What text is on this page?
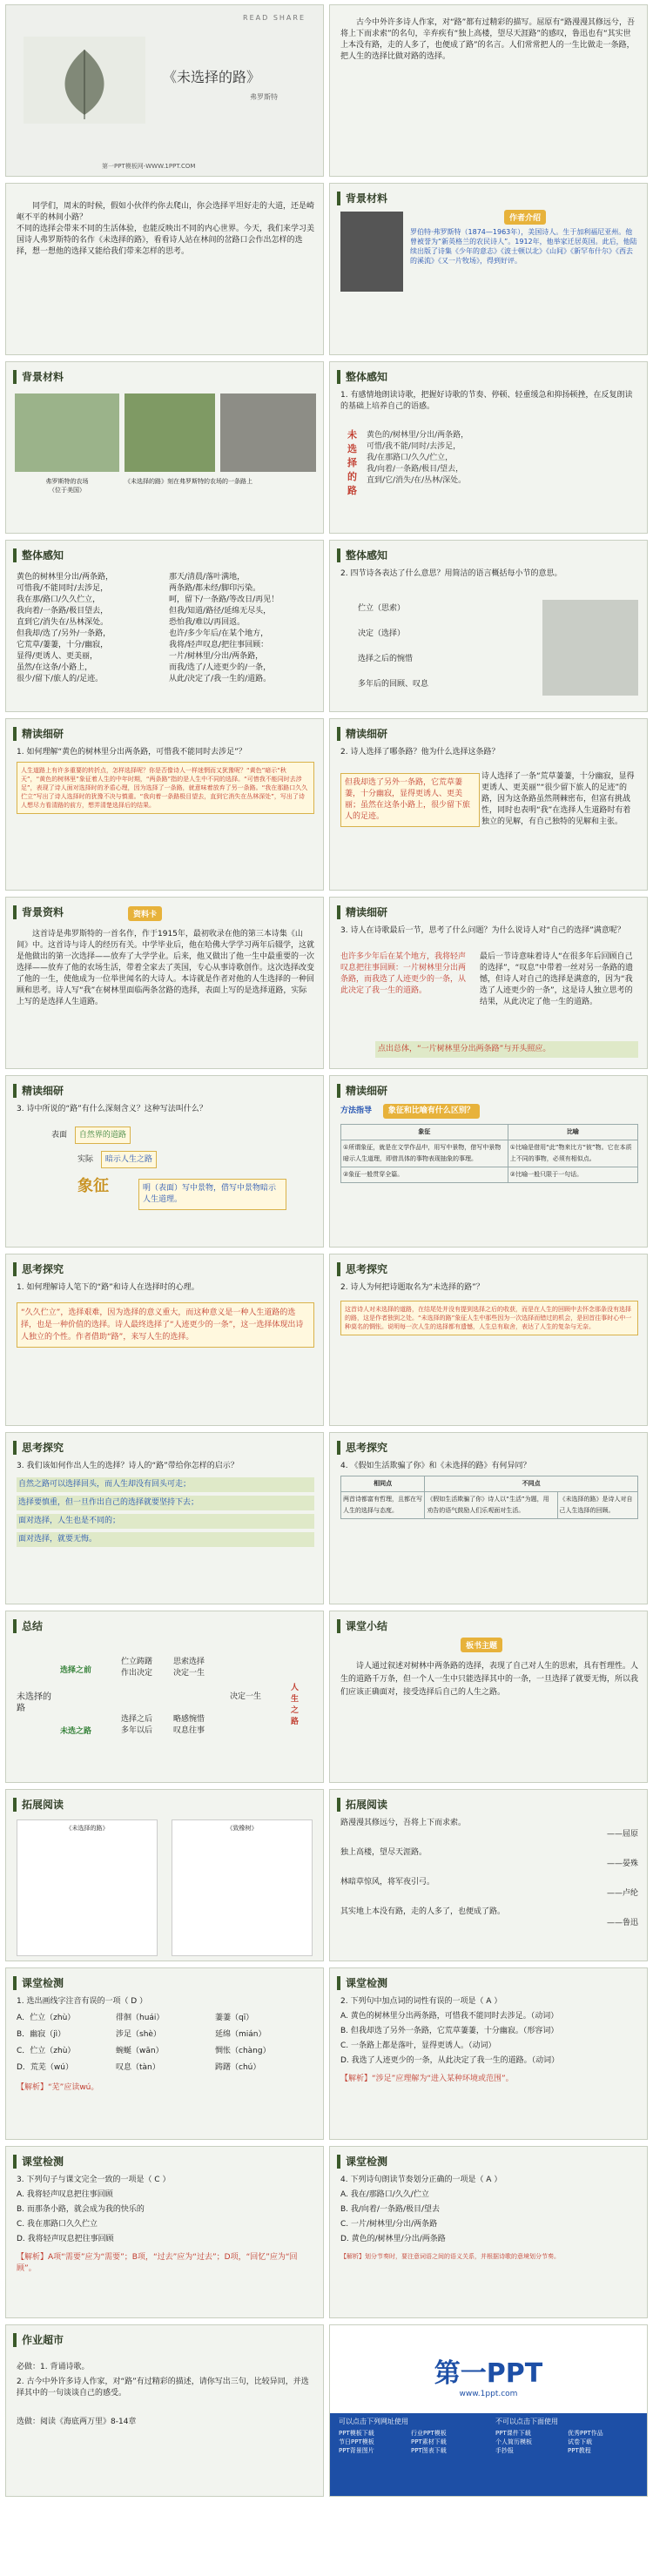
READ SHARE
《未选择的路》
弗罗斯特
第一PPT模板网-WWW.1PPT.COM
古今中外许多诗人作家，对“路”都有过精彩的描写。屈原有“路漫漫其修远兮，吾将上下而求索”的名句，辛弃疾有“独上高楼，望尽天涯路”的感叹，鲁迅也有“其实世上本没有路，走的人多了，也便成了路”的名言。人们常常把人的一生比做走一条路，把人生的选择比做对路的选择。
同学们，周末的时候，假如小伙伴约你去爬山，你会选择平坦好走的大道，还是崎岖不平的林间小路？
不同的选择会带来不同的生活体验，也能反映出不同的内心世界。今天，我们来学习美国诗人弗罗斯特的名作《未选择的路》，看看诗人站在林间的岔路口会作出怎样的选择，想一想他的选择又能给我们带来怎样的思考。
背景材料
作者介绍
罗伯特·弗罗斯特（1874—1963年），美国诗人。生于加利福尼亚州。他曾被誉为“新英格兰的农民诗人”。1912年，他举家迁居英国。此后，他陆续出版了诗集《少年的意志》《波士顿以北》《山间》《新罕布什尔》《西去的溪流》《又一片牧场》，得到好评。
背景材料
弗罗斯特的农场
（位于美国）
《未选择的路》刻在弗罗斯特的农场的一条路上
整体感知
1. 有感情地朗读诗歌，把握好诗歌的节奏、停顿、轻重缓急和抑扬顿挫，在反复朗读的基础上培养自己的语感。
未选择的路
黄色的/树林里/分出/两条路，
可惜/我不能/同时/去涉足，
我/在那路口/久久/伫立，
我/向着/一条路/极目/望去，
直到/它/消失/在/丛林/深处。
整体感知
黄色的树林里分出/两条路，
可惜我/不能同时/去涉足，
我在那/路口/久久伫立，
我向着/一条路/极目望去，
直到它/消失在/丛林深处。
但我却/选了/另外/一条路，
它荒草/萋萋，十分/幽寂，
显得/更诱人、更美丽，
虽然/在这条/小路上，
很少/留下/旅人的/足迹。
那天/清晨/落叶满地，
两条路/都未经/脚印污染。
呵，留下/一条路/等改日/再见！
但我/知道/路径/延绵无尽头，
恐怕我/难以/再回返。
也许/多少年后/在某个地方，
我将/轻声叹息/把往事回顾：
一片/树林里/分出/两条路，
而我/选了/人迹更少的/一条，
从此/决定了/我一生的/道路。
整体感知
2. 四节诗各表达了什么意思？用简洁的语言概括每小节的意思。
伫立（思索）
决定（选择）
选择之后的惋惜
多年后的回顾、叹息
精读细研
1. 如何理解“黄色的树林里分出两条路，可惜我不能同时去涉足”？
人生道路上有许多重要的转折点，怎样选择呢？你是否像诗人一样迷惘而又犹豫呢？“黄色”暗示“秋天”，“黄色的树林里”象征着人生的中年时期，“两条路”指的是人生中不同的选择。“可惜我不能同时去涉足”，表现了诗人面对选择时的矛盾心理，因为选择了一条路，就意味着放弃了另一条路。“我在那路口久久伫立”写出了诗人选择时的犹豫不决与慎重。“我向着一条路极目望去，直到它消失在丛林深处”，写出了诗人想尽力看清路的前方，想弄清楚选择后的结果。
精读细研
2. 诗人选择了哪条路？他为什么选择这条路？
但我却选了另外一条路，它荒草萋萋，十分幽寂，显得更诱人、更美丽；虽然在这条小路上，很少留下旅人的足迹。
诗人选择了一条“荒草萋萋，十分幽寂，显得更诱人、更美丽”“很少留下旅人的足迹”的路，因为这条路虽然荆棘密布，但富有挑战性，同时也表明“我”在选择人生道路时有着独立的见解，有自己独特的见解和主张。
背景资料	资料卡
这首诗是弗罗斯特的一首名作，作于1915年，最初收录在他的第三本诗集《山间》中。这首诗与诗人的经历有关。中学毕业后，他在哈佛大学学习两年后辍学，这就是他做出的第一次选择——放弃了大学学业。后来，他又做出了他一生中最重要的一次选择——放弃了他的农场生活，带着全家去了英国，专心从事诗歌创作。这次选择改变了他的一生，使他成为一位举世闻名的大诗人。本诗就是作者对他的人生选择的一种回顾和思考。诗人写“我”在树林里面临两条岔路的选择，表面上写的是选择道路，实际上写的是选择人生道路。
精读细研
3. 诗人在诗歌最后一节，思考了什么问题？为什么说诗人对“自己的选择”满意呢？
也许多少年后在某个地方，我将轻声叹息把往事回顾：一片树林里分出两条路，而我选了人迹更少的一条，从此决定了我一生的道路。
最后一节诗意味着诗人“在很多年后回顾自己的选择”，“叹息”中带着一丝对另一条路的遗憾，但诗人对自己的选择是满意的，因为“我选了人迹更少的一条”，这是诗人独立思考的结果，从此决定了他一生的道路。
点出总体，“一片树林里分出两条路”与开头照应。
精读细研
3. 诗中所说的“路”有什么深刻含义？这种写法叫什么？
表面 自然界的道路
实际 暗示人生之路
象征	明（表面）写中景物，借写中景物暗示人生道理。
精读细研
方法指导 象征和比喻有什么区别？
象征	比喻
①所谓象征，就是在文学作品中，用写中景物，借写中景物暗示人生道理，即借具体的事物表现抽象的事理。	①比喻是借用“此”物来比方“彼”物。它在本质上不同的事物，必须有相似点。
②象征一般贯穿全篇。	②比喻一般只限于一句话。
思考探究
1. 如何理解诗人笔下的“路”和诗人在选择时的心理。
“久久伫立”，选择艰难，因为选择的意义重大，而这种意义是一种人生道路的选择，也是一种价值的选择。诗人最终选择了“人迹更少的一条”，这一选择体现出诗人独立的个性。作者借助“路”，来写人生的选择。
思考探究
2. 诗人为何把诗题取名为“未选择的路”？
这首诗人对未选择的道路，在结尾处并没有提到选择之后的收获，而是在人生的回顾中去怀念那条没有选择的路，这是作者独到之处。“未选择的路”象征人生中那些因为一次选择而错过的机会，是回首往事时心中一种莫名的惆怅。说明每一次人生的选择都有遗憾，人生总有取舍，表达了人生的复杂与无奈。
思考探究
3. 我们该如何作出人生的选择？诗人的“路”带给你怎样的启示？
自然之路可以选择回头，而人生却没有回头可走；
选择要慎重，但一旦作出自己的选择就要坚持下去；
面对选择，人生也是不同的；
面对选择，就要无悔。
思考探究
4. 《假如生活欺骗了你》和《未选择的路》有何异同？
相同点	不同点	
两首诗都富有哲理，且都在写人生的选择与态度。	《假如生活欺骗了你》诗人以“生活”为题，用劝告的语气鼓励人们乐观面对生活。	《未选择的路》是诗人对自己人生选择的回顾。
总结
未选择的路
选择之前
未选之路
伫立踌躇
作出决定
选择之后
多年以后
思索选择
决定一生
略感惋惜
叹息往事
决定一生
人生之路
课堂小结
板书主题
诗人通过叙述对树林中两条路的选择，表现了自己对人生的思索，具有哲理性。人生的道路千万条，但一个人一生中只能选择其中的一条，一旦选择了就要无悔，所以我们应该正确面对，接受选择后自己的人生之路。
拓展阅读
《未选择的路》	《致橡树》
拓展阅读
路漫漫其修远兮，吾将上下而求索。
——屈原
独上高楼，望尽天涯路。
——晏殊
林暗草惊风，将军夜引弓。
——卢纶
其实地上本没有路，走的人多了，也便成了路。
——鲁迅
课堂检测
1. 选出画线字注音有误的一项（ D ）
A．伫立（zhù）	徘徊（huái）	萋萋（qī）
B．幽寂（jì）	涉足（shè）	延绵（mián）
C．伫立（zhù）	蜿蜒（wān）	惆怅（chàng）
D．荒芜（wú）	叹息（tàn）	踌躇（chú）
【解析】“芜”应读wú。
课堂检测
2. 下列句中加点词的词性有误的一项是（ A ）
A. 黄色的树林里分出两条路，可惜我不能同时去涉足。（动词）
B. 但我却选了另外一条路，它荒草萋萋，十分幽寂。（形容词）
C. 一条路上都是落叶，显得更诱人。（动词）
D. 我选了人迹更少的一条，从此决定了我一生的道路。（动词）
【解析】“涉足”应理解为“进入某种环境或范围”。
课堂检测
3. 下列句子与课文完全一致的一项是（ C ）
A. 我将轻声叹息把往事回顾
B. 而那条小路，就会成为我的快乐的
C. 我在那路口久久伫立
D. 我将轻声叹息把往事回顾
【解析】A项“需要”应为“需要”；B项，“过去”应为“过去”；D项，“回忆”应为“回顾”。
课堂检测
4. 下列诗句朗读节奏划分正确的一项是（ A ）
A. 我在/那路口/久久/伫立
B. 我/向着/一条路/极目/望去
C. 一片/树林里/分出/两条路
D. 黄色的/树林里/分出/两条路
【解析】划分节奏时，要注意词语之间的语义关系，并根据诗歌的意境划分节奏。
作业超市
必做：1. 背诵诗歌。
2. 古今中外许多诗人作家，对“路”有过精彩的描述，请你写出三句，比较异同，并选择其中的一句谈谈自己的感受。
选做：阅读《海底两万里》8-14章
第一PPT
www.1ppt.com
可以点击下列网址使用	不可以点击下面使用
PPT模板下载	行业PPT模板
节日PPT模板	PPT素材下载
PPT背景图片	PPT图表下载
PPT课件下载	优秀PPT作品
个人简历模板	试卷下载
手抄报	PPT教程
